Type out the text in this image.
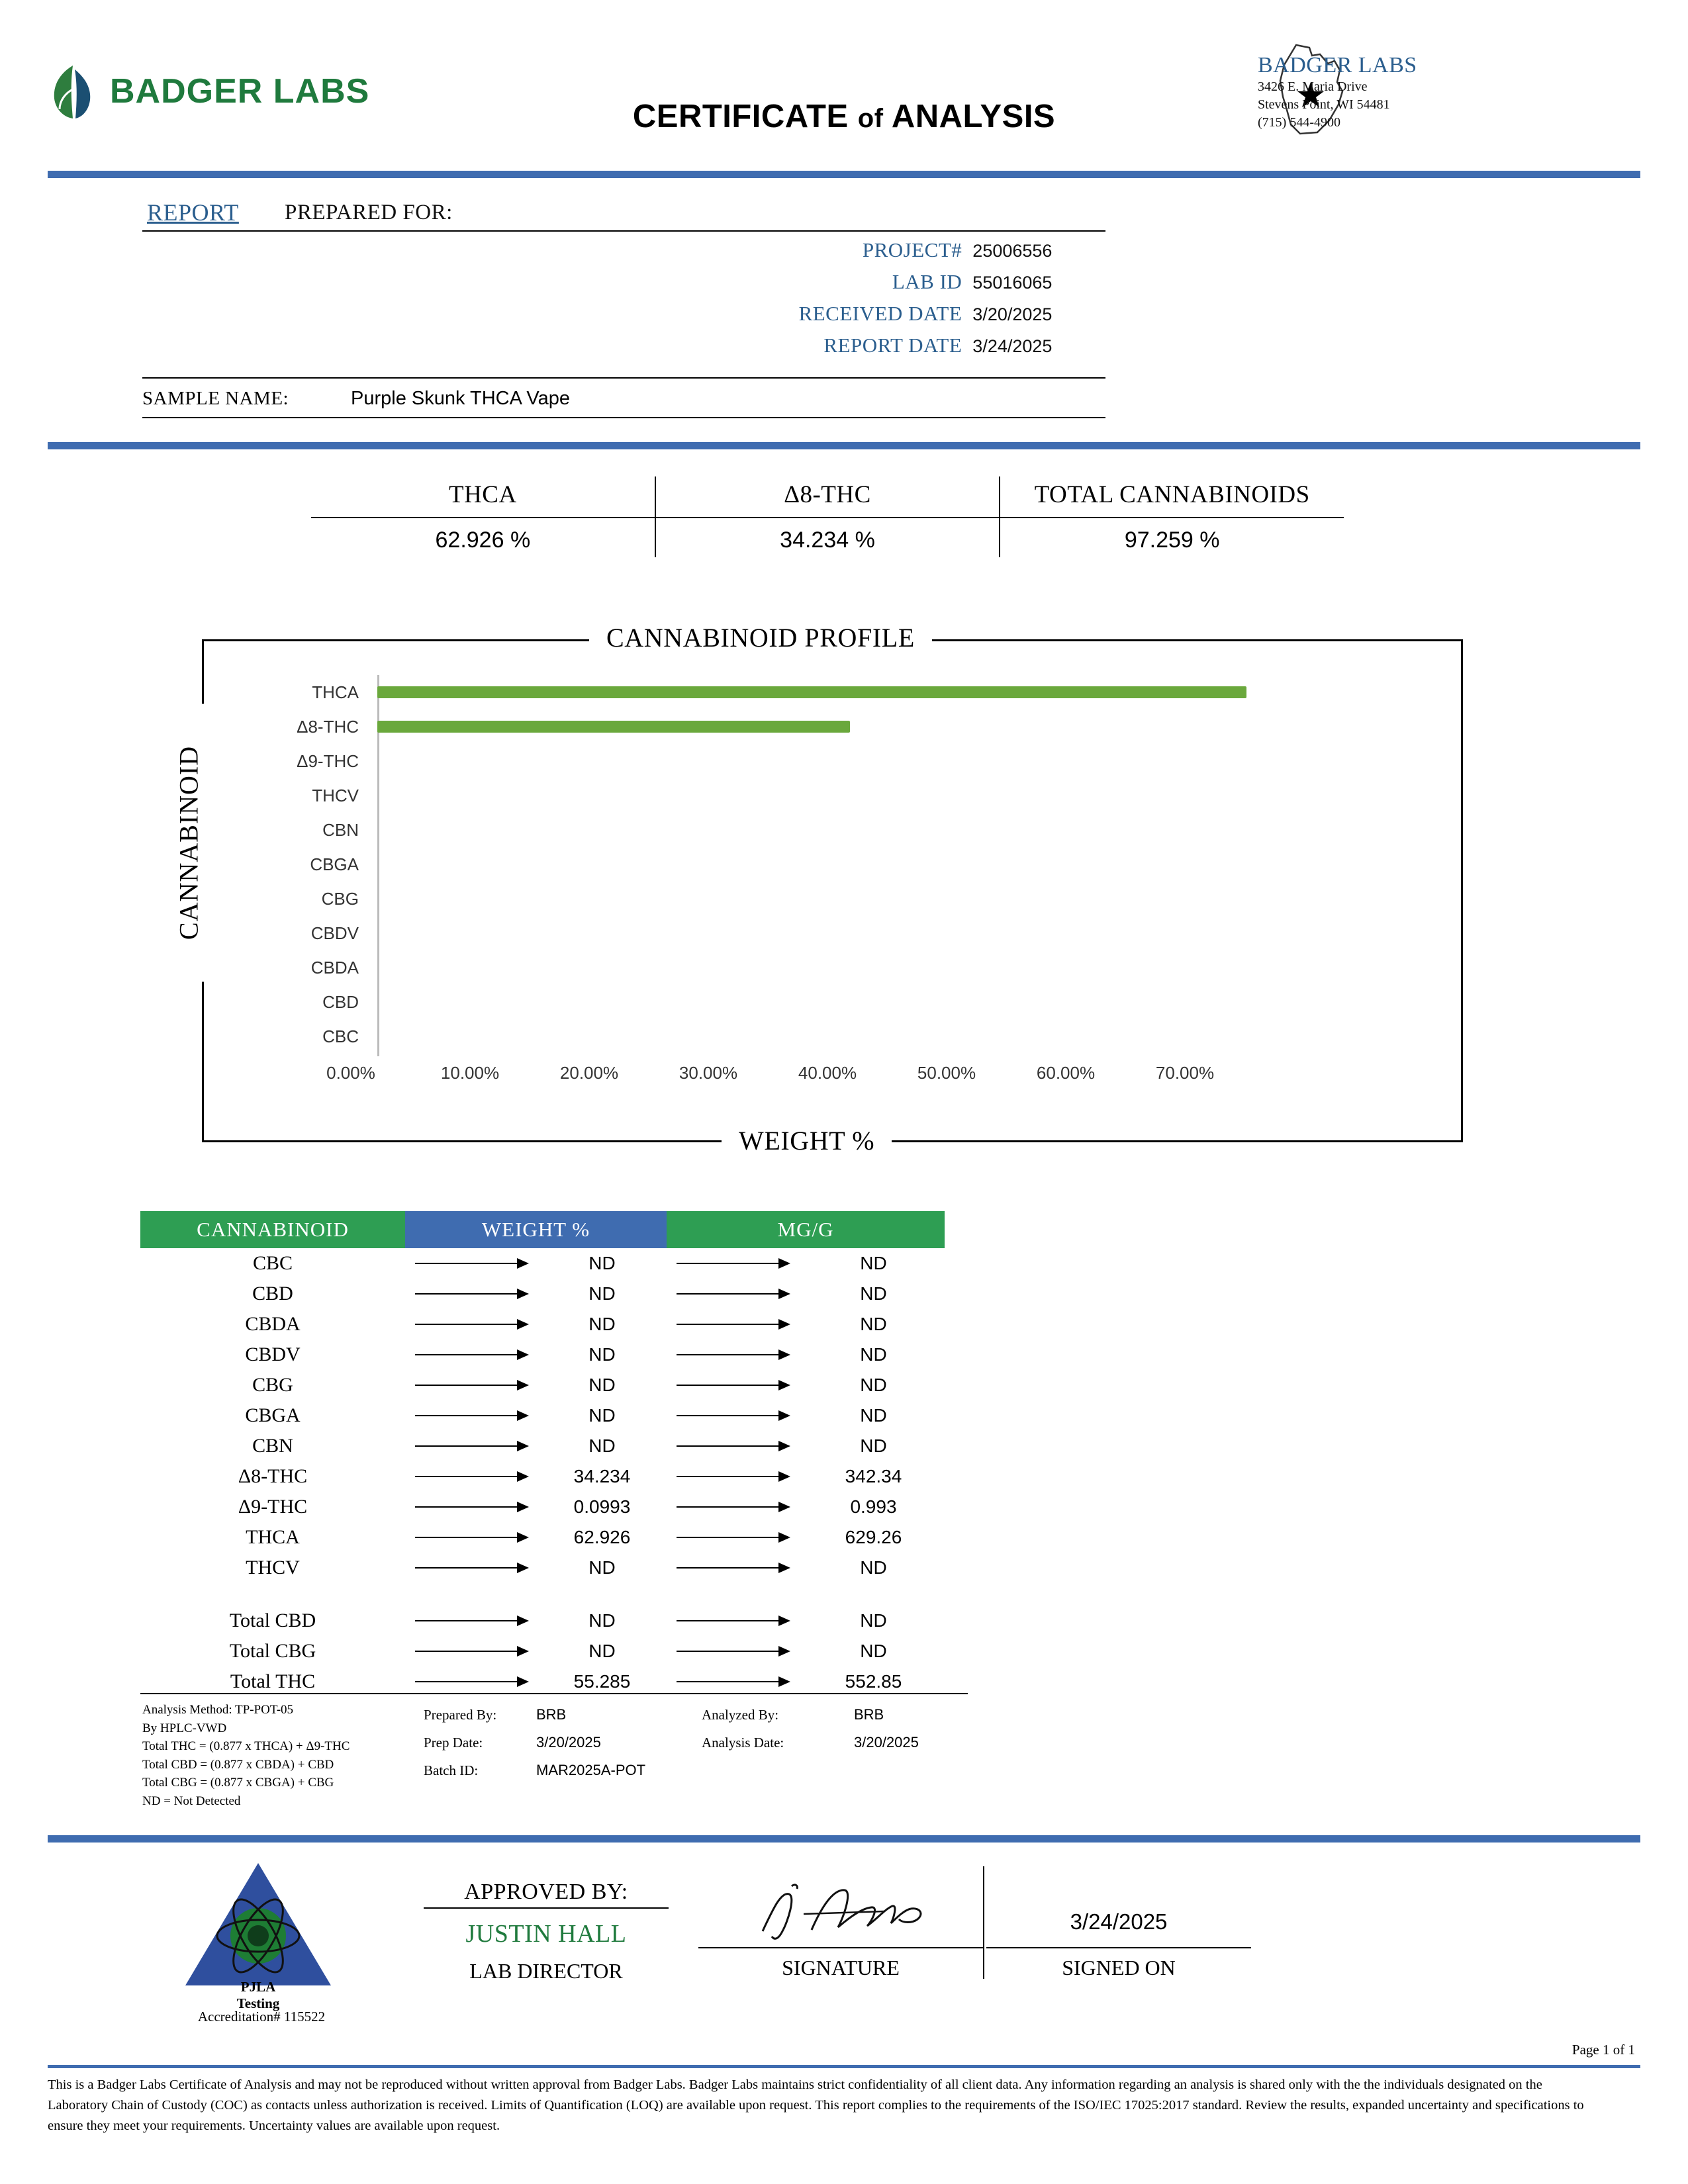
BADGER LABS
CERTIFICATE of ANALYSIS
BADGER LABS
3426 E. Maria Drive
Stevens Point, WI 54481
(715) 544-4900
REPORT PREPARED FOR:
PROJECT# 25006556
LAB ID 55016065
RECEIVED DATE 3/20/2025
REPORT DATE 3/24/2025
SAMPLE NAME:	Purple Skunk THCA Vape
THCA	Δ8-THC	TOTAL CANNABINOIDS
62.926 %	34.234 %	97.259 %
CANNABINOID PROFILE
WEIGHT %
CANNABINOID
THCA
Δ8-THC
Δ9-THC
THCV
CBN
CBGA
CBG
CBDV
CBDA
CBD
CBC
0.00%	10.00%	20.00%	30.00%	40.00%	50.00%	60.00%	70.00%
CANNABINOID	WEIGHT %	MG/G
CBC	ND	ND
CBD	ND	ND
CBDA	ND	ND
CBDV	ND	ND
CBG	ND	ND
CBGA	ND	ND
CBN	ND	ND
Δ8-THC	34.234	342.34
Δ9-THC	0.0993	0.993
THCA	62.926	629.26
THCV	ND	ND
Total CBD	ND	ND
Total CBG	ND	ND
Total THC	55.285	552.85
Analysis Method: TP-POT-05
By HPLC-VWD
Total THC = (0.877 x THCA) + Δ9-THC
Total CBD = (0.877 x CBDA) + CBD
Total CBG = (0.877 x CBGA) + CBG
ND = Not Detected
Prepared By:	BRB
Prep Date:	3/20/2025
Batch ID:	MAR2025A-POT
Analyzed By:	BRB
Analysis Date:	3/20/2025
PJLA
Testing
Accreditation# 115522
APPROVED BY:
JUSTIN HALL
LAB DIRECTOR	SIGNATURE
3/24/2025
SIGNED ON
Page 1 of 1
This is a Badger Labs Certificate of Analysis and may not be reproduced without written approval from Badger Labs. Badger Labs maintains strict confidentiality of all client data. Any information regarding an analysis is shared only with the the individuals designated on the Laboratory Chain of Custody (COC) as contacts unless authorization is received. Limits of Quantification (LOQ) are available upon request. This report complies to the requirements of the ISO/IEC 17025:2017 standard. Review the results, expanded uncertainty and specifications to ensure they meet your requirements. Uncertainty values are available upon request.
